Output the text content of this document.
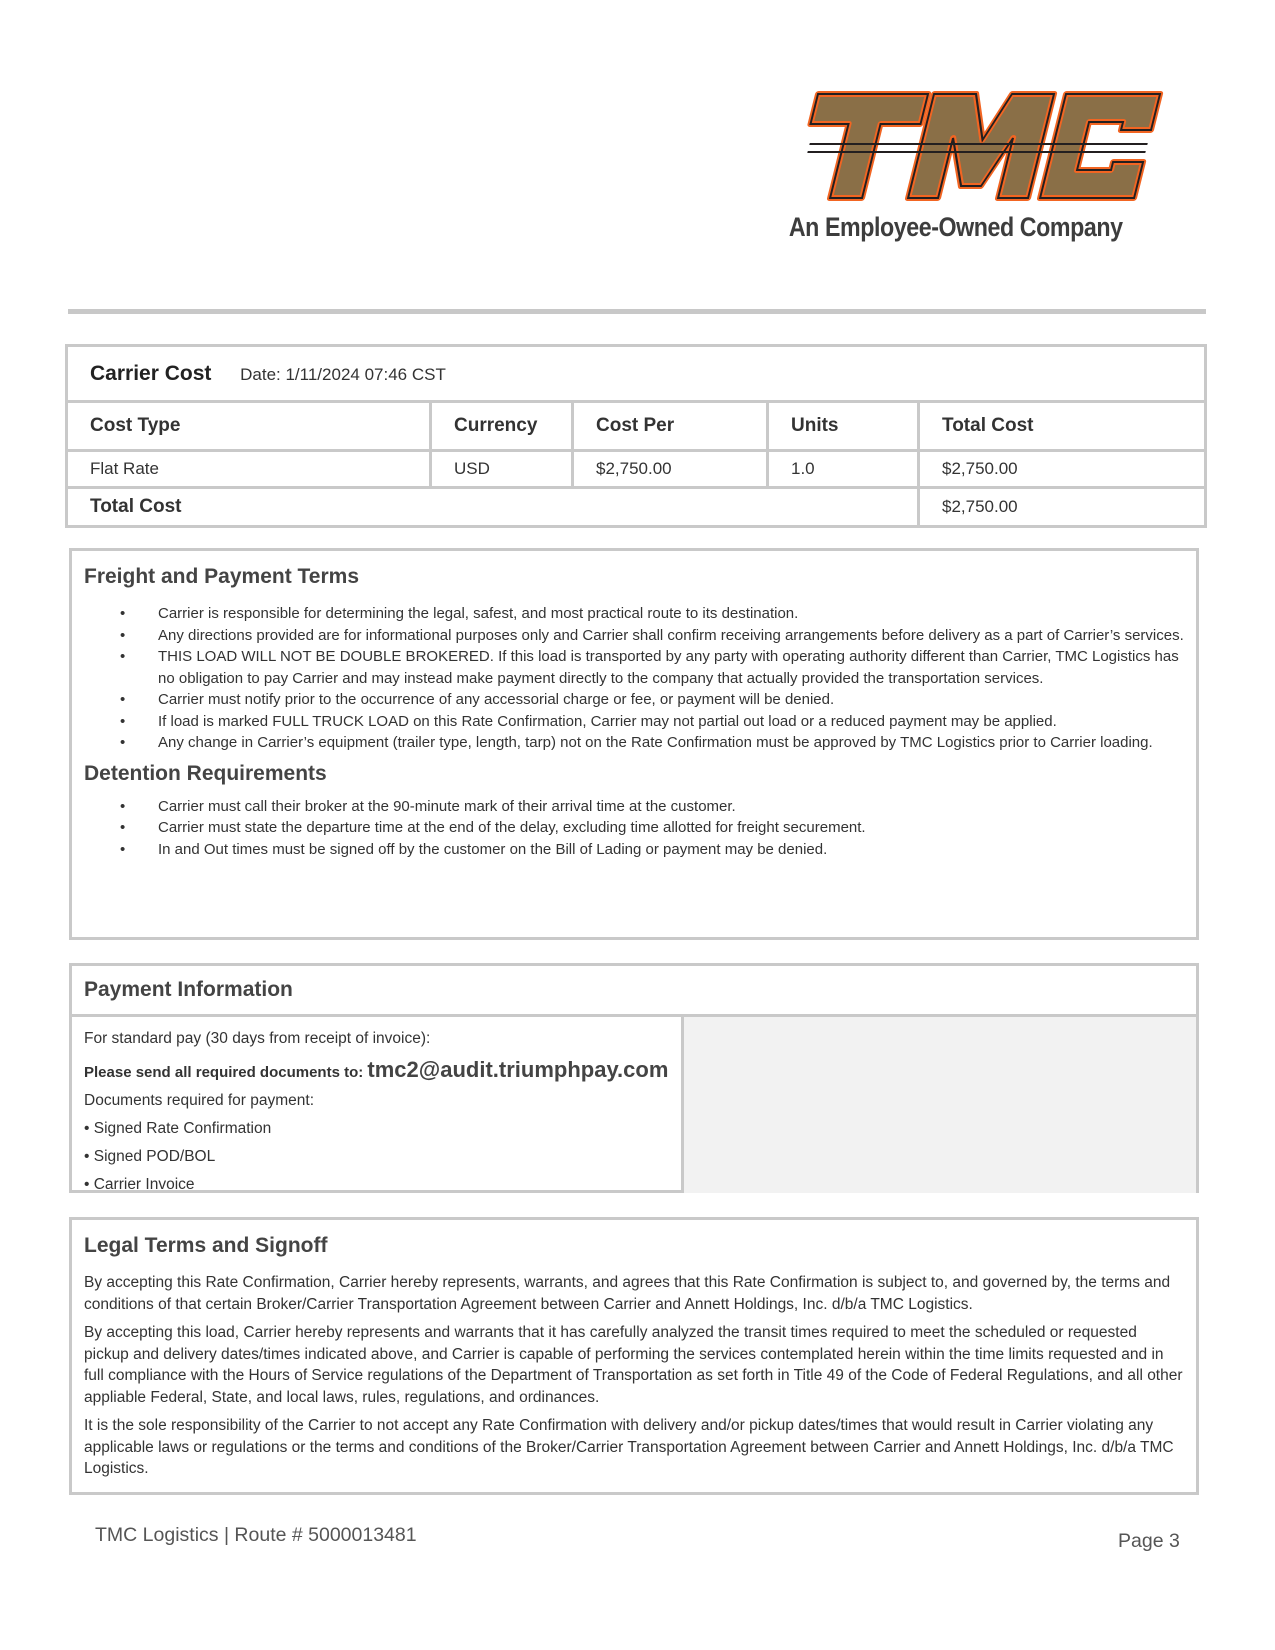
An Employee-Owned Company
Carrier Cost Date: 1/11/2024 07:46 CST				
Cost Type	Currency	Cost Per	Units	Total Cost
Flat Rate	USD	$2,750.00	1.0	$2,750.00
Total Cost				$2,750.00
Freight and Payment Terms
• Carrier is responsible for determining the legal, safest, and most practical route to its destination.
• Any directions provided are for informational purposes only and Carrier shall confirm receiving arrangements before delivery as a part of Carrier’s services.
• THIS LOAD WILL NOT BE DOUBLE BROKERED. If this load is transported by any party with operating authority different than Carrier, TMC Logistics has no obligation to pay Carrier and may instead make payment directly to the company that actually provided the transportation services.
• Carrier must notify prior to the occurrence of any accessorial charge or fee, or payment will be denied.
• If load is marked FULL TRUCK LOAD on this Rate Confirmation, Carrier may not partial out load or a reduced payment may be applied.
• Any change in Carrier’s equipment (trailer type, length, tarp) not on the Rate Confirmation must be approved by TMC Logistics prior to Carrier loading.
Detention Requirements
• Carrier must call their broker at the 90-minute mark of their arrival time at the customer.
• Carrier must state the departure time at the end of the delay, excluding time allotted for freight securement.
• In and Out times must be signed off by the customer on the Bill of Lading or payment may be denied.
Payment Information
For standard pay (30 days from receipt of invoice):
Please send all required documents to: tmc2@audit.triumphpay.com
Documents required for payment:
• Signed Rate Confirmation
• Signed POD/BOL
• Carrier Invoice
Legal Terms and Signoff

By accepting this Rate Confirmation, Carrier hereby represents, warrants, and agrees that this Rate Confirmation is subject to, and governed by, the terms and conditions of that certain Broker/Carrier Transportation Agreement between Carrier and Annett Holdings, Inc. d/b/a TMC Logistics.

By accepting this load, Carrier hereby represents and warrants that it has carefully analyzed the transit times required to meet the scheduled or requested pickup and delivery dates/times indicated above, and Carrier is capable of performing the services contemplated herein within the time limits requested and in full compliance with the Hours of Service regulations of the Department of Transportation as set forth in Title 49 of the Code of Federal Regulations, and all other appliable Federal, State, and local laws, rules, regulations, and ordinances.

It is the sole responsibility of the Carrier to not accept any Rate Confirmation with delivery and/or pickup dates/times that would result in Carrier violating any applicable laws or regulations or the terms and conditions of the Broker/Carrier Transportation Agreement between Carrier and Annett Holdings, Inc. d/b/a TMC Logistics.

TMC Logistics | Route # 5000013481	Page 3
